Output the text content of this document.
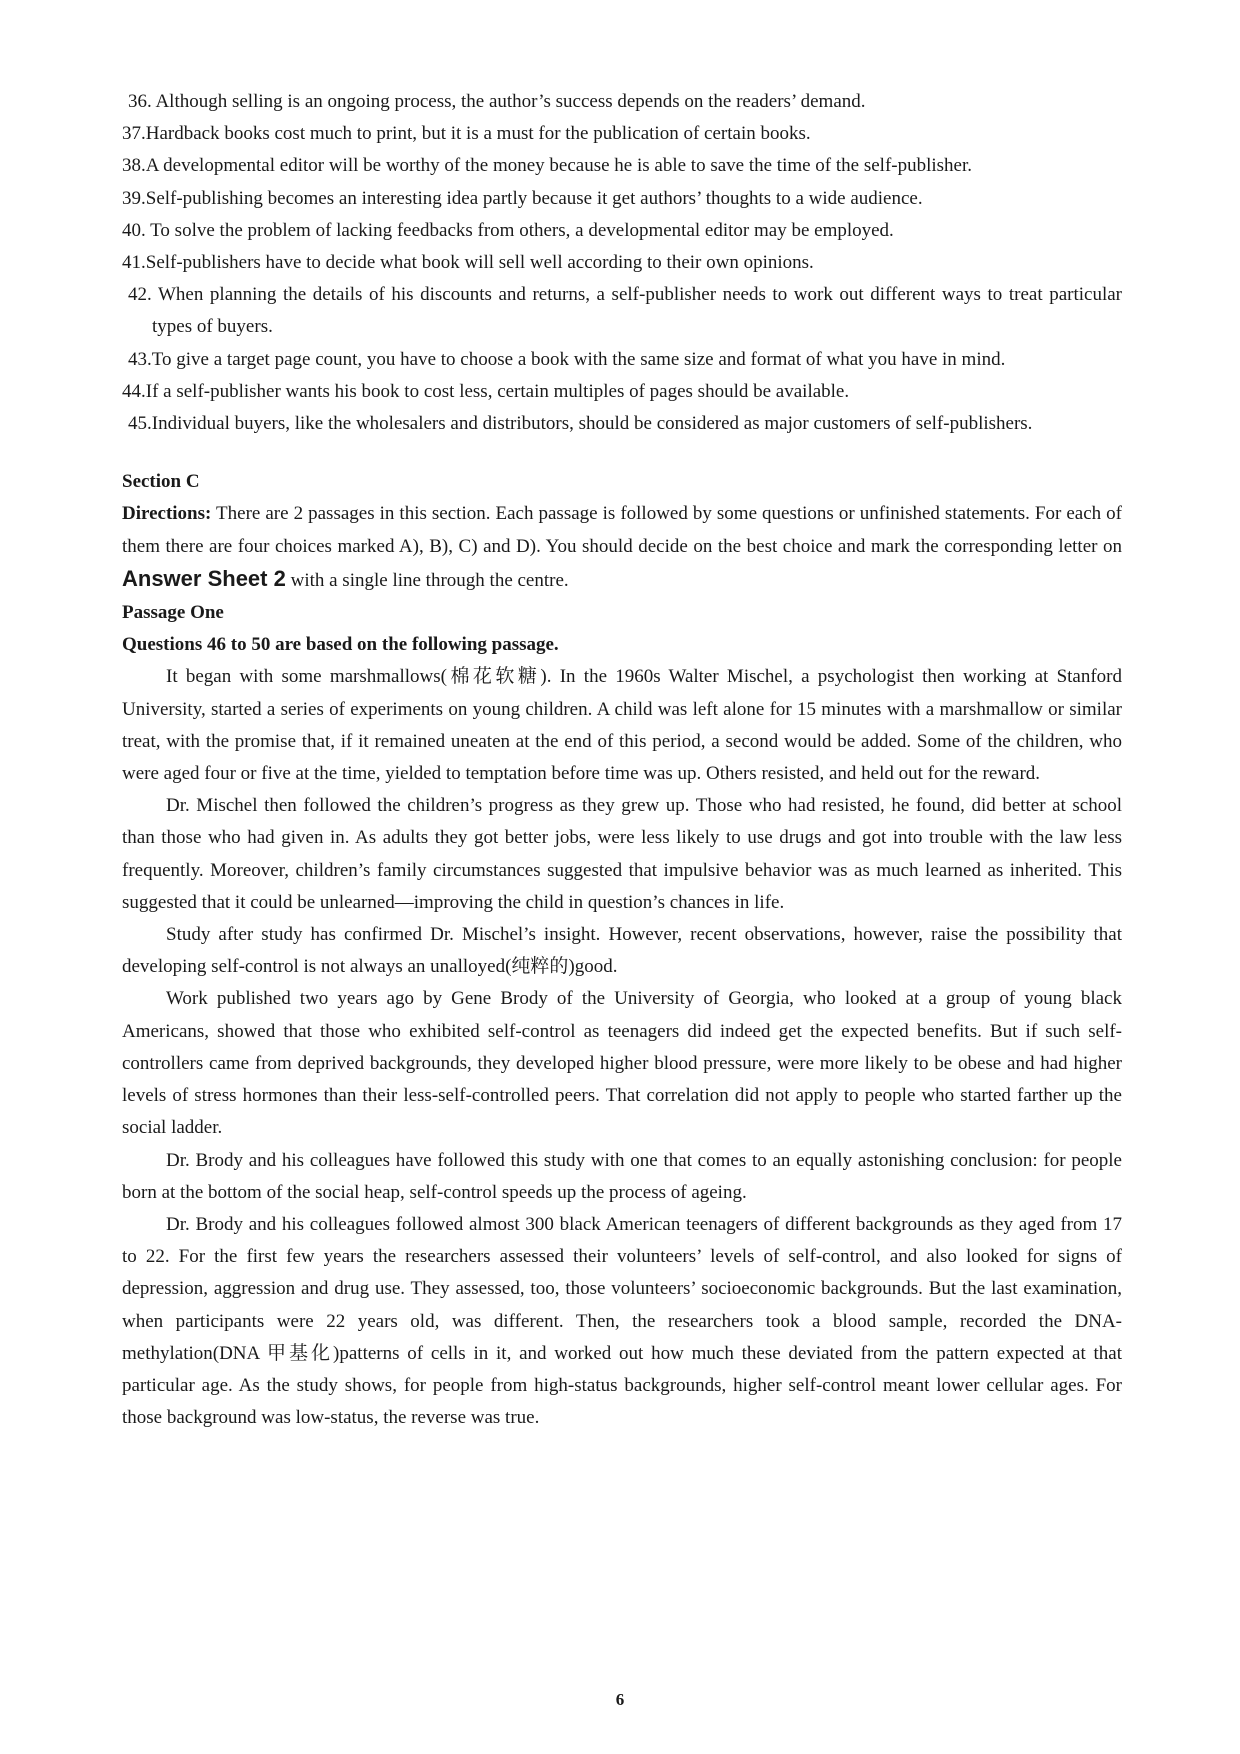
36. Although selling is an ongoing process, the author’s success depends on the readers’ demand.
37.Hardback books cost much to print, but it is a must for the publication of certain books.
38.A developmental editor will be worthy of the money because he is able to save the time of the self-publisher.
39.Self-publishing becomes an interesting idea partly because it get authors’ thoughts to a wide audience.
40. To solve the problem of lacking feedbacks from others, a developmental editor may be employed.
41.Self-publishers have to decide what book will sell well according to their own opinions.
42. When planning the details of his discounts and returns, a self-publisher needs to work out different ways to treat particular types of buyers.
43.To give a target page count, you have to choose a book with the same size and format of what you have in mind.
44.If a self-publisher wants his book to cost less, certain multiples of pages should be available.
45.Individual buyers, like the wholesalers and distributors, should be considered as major customers of self-publishers.
Section C
Directions: There are 2 passages in this section. Each passage is followed by some questions or unfinished statements. For each of them there are four choices marked A), B), C) and D). You should decide on the best choice and mark the corresponding letter on Answer Sheet 2 with a single line through the centre.
Passage One
Questions 46 to 50 are based on the following passage.

It began with some marshmallows(棉花软糖). In the 1960s Walter Mischel, a psychologist then working at Stanford University, started a series of experiments on young children. A child was left alone for 15 minutes with a marshmallow or similar treat, with the promise that, if it remained uneaten at the end of this period, a second would be added. Some of the children, who were aged four or five at the time, yielded to temptation before time was up. Others resisted, and held out for the reward.

Dr. Mischel then followed the children’s progress as they grew up. Those who had resisted, he found, did better at school than those who had given in. As adults they got better jobs, were less likely to use drugs and got into trouble with the law less frequently. Moreover, children’s family circumstances suggested that impulsive behavior was as much learned as inherited. This suggested that it could be unlearned—improving the child in question’s chances in life.

Study after study has confirmed Dr. Mischel’s insight. However, recent observations, however, raise the possibility that developing self-control is not always an unalloyed(纯粹的)good.

Work published two years ago by Gene Brody of the University of Georgia, who looked at a group of young black Americans, showed that those who exhibited self-control as teenagers did indeed get the expected benefits. But if such self-controllers came from deprived backgrounds, they developed higher blood pressure, were more likely to be obese and had higher levels of stress hormones than their less-self-controlled peers. That correlation did not apply to people who started farther up the social ladder.

Dr. Brody and his colleagues have followed this study with one that comes to an equally astonishing conclusion: for people born at the bottom of the social heap, self-control speeds up the process of ageing.

Dr. Brody and his colleagues followed almost 300 black American teenagers of different backgrounds as they aged from 17 to 22. For the first few years the researchers assessed their volunteers’ levels of self-control, and also looked for signs of depression, aggression and drug use. They assessed, too, those volunteers’ socioeconomic backgrounds. But the last examination, when participants were 22 years old, was different. Then, the researchers took a blood sample, recorded the DNA-methylation(DNA 甲基化)patterns of cells in it, and worked out how much these deviated from the pattern expected at that particular age. As the study shows, for people from high-status backgrounds, higher self-control meant lower cellular ages. For those background was low-status, the reverse was true.

6
